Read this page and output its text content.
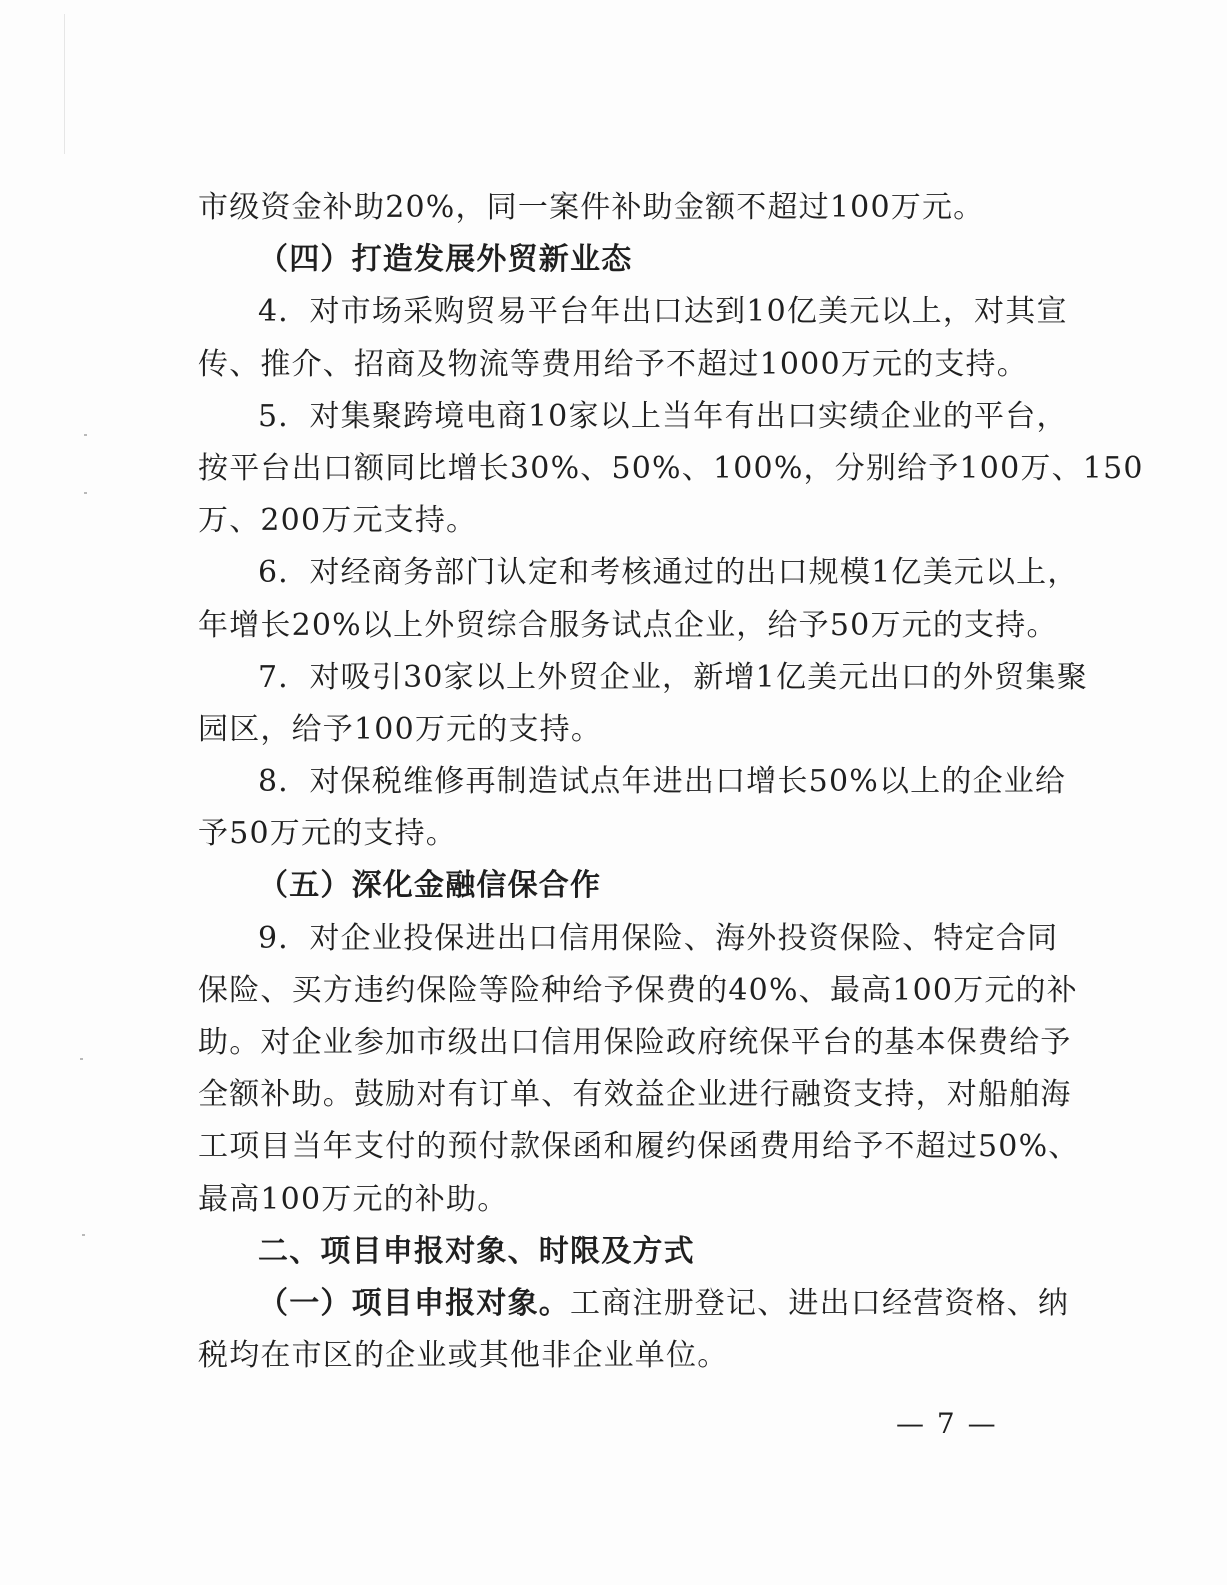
市级资金补助20%，同一案件补助金额不超过100万元。
（四）打造发展外贸新业态
4．对市场采购贸易平台年出口达到10亿美元以上，对其宣
传、推介、招商及物流等费用给予不超过1000万元的支持。
5．对集聚跨境电商10家以上当年有出口实绩企业的平台，
按平台出口额同比增长30%、50%、100%，分别给予100万、150
万、200万元支持。
6．对经商务部门认定和考核通过的出口规模1亿美元以上，
年增长20%以上外贸综合服务试点企业，给予50万元的支持。
7．对吸引30家以上外贸企业，新增1亿美元出口的外贸集聚
园区，给予100万元的支持。
8．对保税维修再制造试点年进出口增长50%以上的企业给
予50万元的支持。
（五）深化金融信保合作
9．对企业投保进出口信用保险、海外投资保险、特定合同
保险、买方违约保险等险种给予保费的40%、最高100万元的补
助。对企业参加市级出口信用保险政府统保平台的基本保费给予
全额补助。鼓励对有订单、有效益企业进行融资支持，对船舶海
工项目当年支付的预付款保函和履约保函费用给予不超过50%、
最高100万元的补助。
二、项目申报对象、时限及方式
（一）项目申报对象。工商注册登记、进出口经营资格、纳
税均在市区的企业或其他非企业单位。
— 7 —
